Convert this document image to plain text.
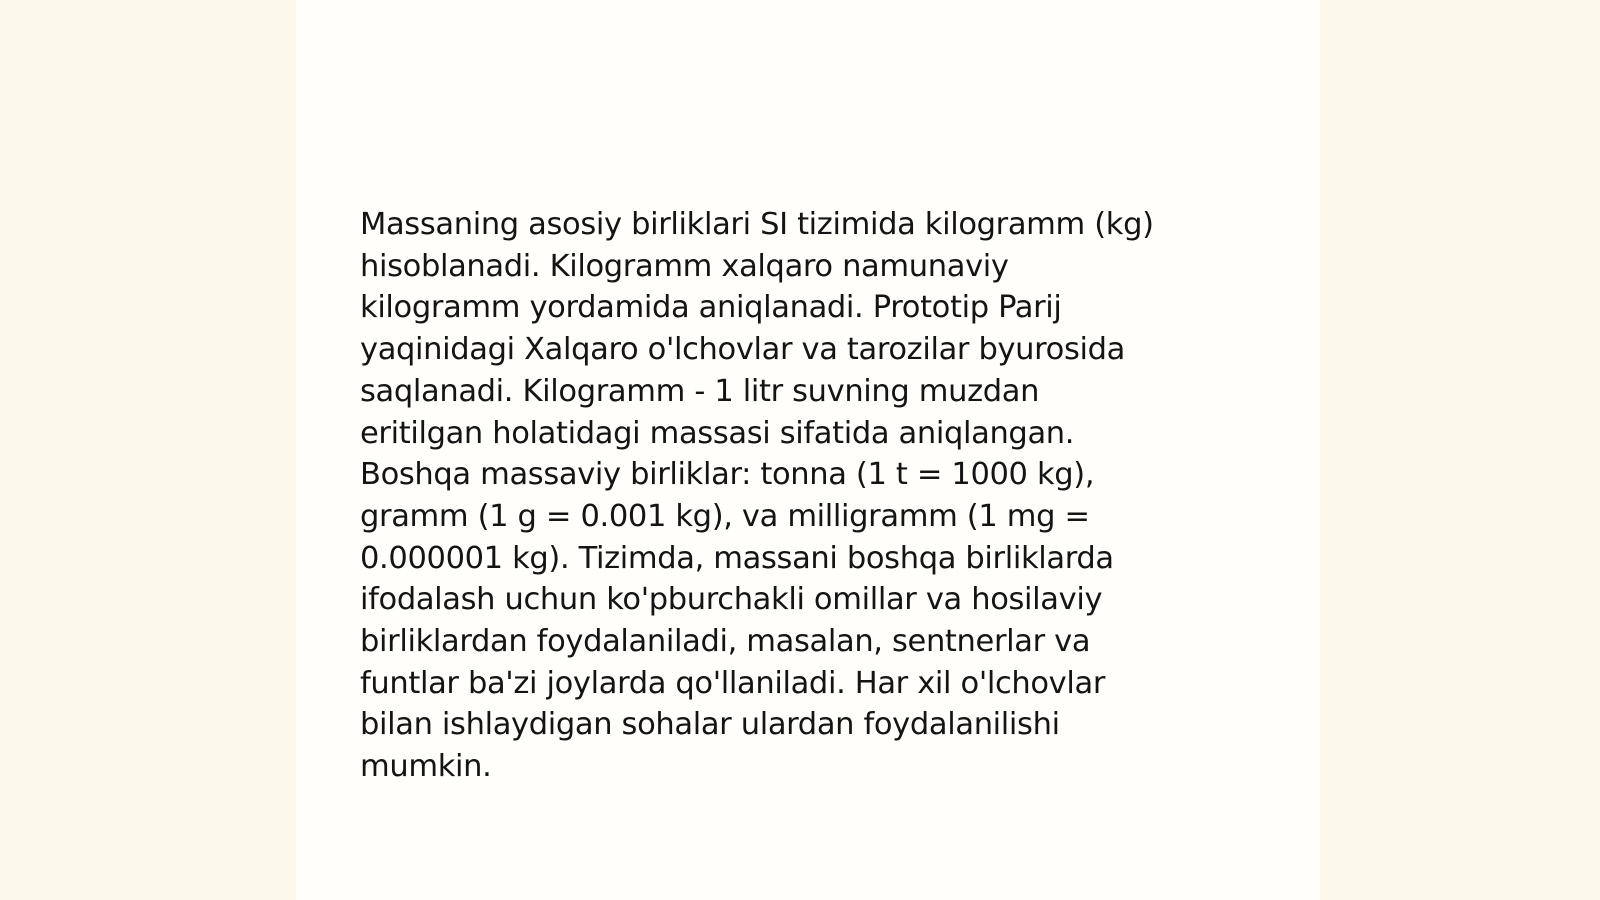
Massaning asosiy birliklari SI tizimida kilogramm (kg)
hisoblanadi. Kilogramm xalqaro namunaviy
kilogramm yordamida aniqlanadi. Prototip Parij
yaqinidagi Xalqaro o'lchovlar va tarozilar byurosida
saqlanadi. Kilogramm - 1 litr suvning muzdan
eritilgan holatidagi massasi sifatida aniqlangan.
Boshqa massaviy birliklar: tonna (1 t = 1000 kg),
gramm (1 g = 0.001 kg), va milligramm (1 mg =
0.000001 kg). Tizimda, massani boshqa birliklarda
ifodalash uchun ko'pburchakli omillar va hosilaviy
birliklardan foydalaniladi, masalan, sentnerlar va
funtlar ba'zi joylarda qo'llaniladi. Har xil o'lchovlar
bilan ishlaydigan sohalar ulardan foydalanilishi
mumkin.
